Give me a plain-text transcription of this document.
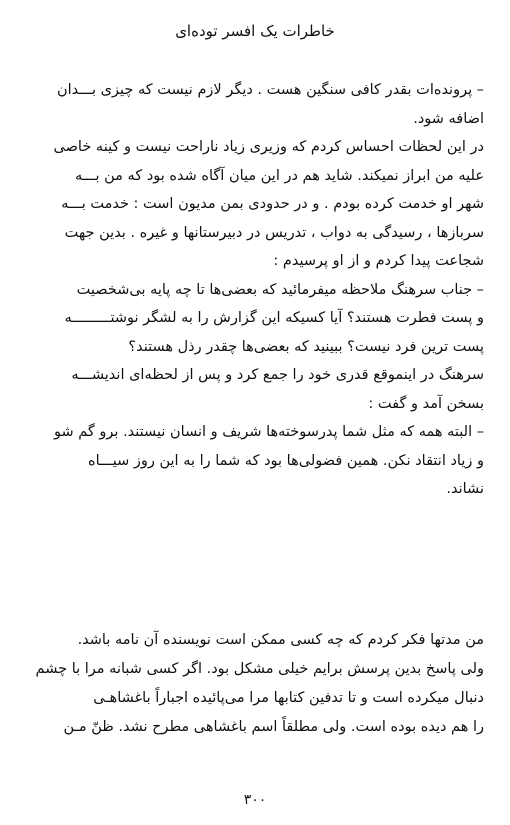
خاطرات یک افسر توده‌ای
– پرونده‌ات بقدر کافی سنگین هست . دیگر لازم نیست که چیزی بـــدان
اضافه شود.
در این لحظات احساس کردم که وزیری زیاد ناراحت نیست و کینه خاصی
علیه من ابراز نمیکند. شاید هم در این میان آگاه شده بود که من بـــه
شهر او خدمت کرده بودم . و در حدودی بمن مدیون است : خدمت بـــه
سربازها ، رسیدگی به دواب ، تدریس در دبیرستانها و غیره . بدین جهت
شجاعت پیدا کردم و از او پرسیدم :
– جناب سرهنگ ملاحظه میفرمائید که بعضی‌ها تا چه پایه بی‌شخصیت
و پست فطرت هستند؟ آیا کسیکه این گزارش را به لشگر نوشتـــــــــه
پست ترین فرد نیست؟ ببینید که بعضی‌ها چقدر رذل هستند؟
سرهنگ در اینموقع قدری خود را جمع کرد و پس از لحظه‌ای اندیشـــه
بسخن آمد و گفت :
– البته همه که مثل شما پدرسوخته‌ها شریف و انسان نیستند. برو گم شو
و زیاد انتقاد نکن. همین فضولی‌ها بود که شما را به این روز سیـــاه
نشاند.
من مدتها فکر کردم که چه کسی ممکن است نویسنده آن نامه باشد.
ولی پاسخ بدین پرسش برایم خیلی مشکل بود. اگر کسی شبانه مرا با چشم
دنبال میکرده است و تا تدفین کتابها مرا می‌پائیده اجباراً باغشاهـی
را هم دیده بوده است. ولی مطلقاً اسم باغشاهی مطرح نشد. ظنّ مـن
۳۰۰
